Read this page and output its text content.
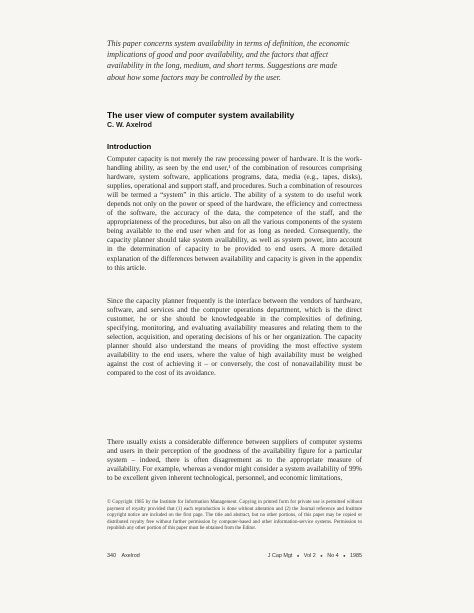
This paper concerns system availability in terms of definition, the economic implications of good and poor availability, and the factors that affect availability in the long, medium, and short terms. Suggestions are made about how some factors may be controlled by the user.
The user view of computer system availability
C. W. Axelrod
Introduction
Computer capacity is not merely the raw processing power of hardware. It is the work-handling ability, as seen by the end user,¹ of the combination of resources comprising hardware, system software, applications programs, data, media (e.g., tapes, disks), supplies, operational and support staff, and procedures. Such a combination of resources will be termed a “system” in this article. The ability of a system to do useful work depends not only on the power or speed of the hardware, the efficiency and correctness of the software, the accuracy of the data, the competence of the staff, and the appropriateness of the procedures, but also on all the various components of the system being available to the end user when and for as long as needed. Consequently, the capacity planner should take system availability, as well as system power, into account in the determination of capacity to be provided to end users. A more detailed explanation of the differences between availability and capacity is given in the appendix to this article.
Since the capacity planner frequently is the interface between the vendors of hardware, software, and services and the computer operations department, which is the direct customer, he or she should be knowledgeable in the complexities of defining, specifying, monitoring, and evaluating availability measures and relating them to the selection, acquisition, and operating decisions of his or her organization. The capacity planner should also understand the means of providing the most effective system availability to the end users, where the value of high availability must be weighed against the cost of achieving it – or conversely, the cost of nonavailability must be compared to the cost of its avoidance.
There usually exists a considerable difference between suppliers of computer systems and users in their perception of the goodness of the availability figure for a particular system – indeed, there is often disagreement as to the appropriate measure of availability. For example, whereas a vendor might consider a system availability of 99% to be excellent given inherent technological, personnel, and economic limitations,
© Copyright 1985 by the Institute for Information Management. Copying in printed form for private use is permitted without payment of royalty provided that (1) each reproduction is done without alteration and (2) the Journal reference and Institute copyright notice are included on the first page. The title and abstract, but no other portions, of this paper may be copied or distributed royalty free without further permission by computer-based and other information-service systems. Permission to republish any other portion of this paper must be obtained from the Editor.
340 Axelrod	J Cap Mgt ● Vol 2 ● No 4 ● 1985
